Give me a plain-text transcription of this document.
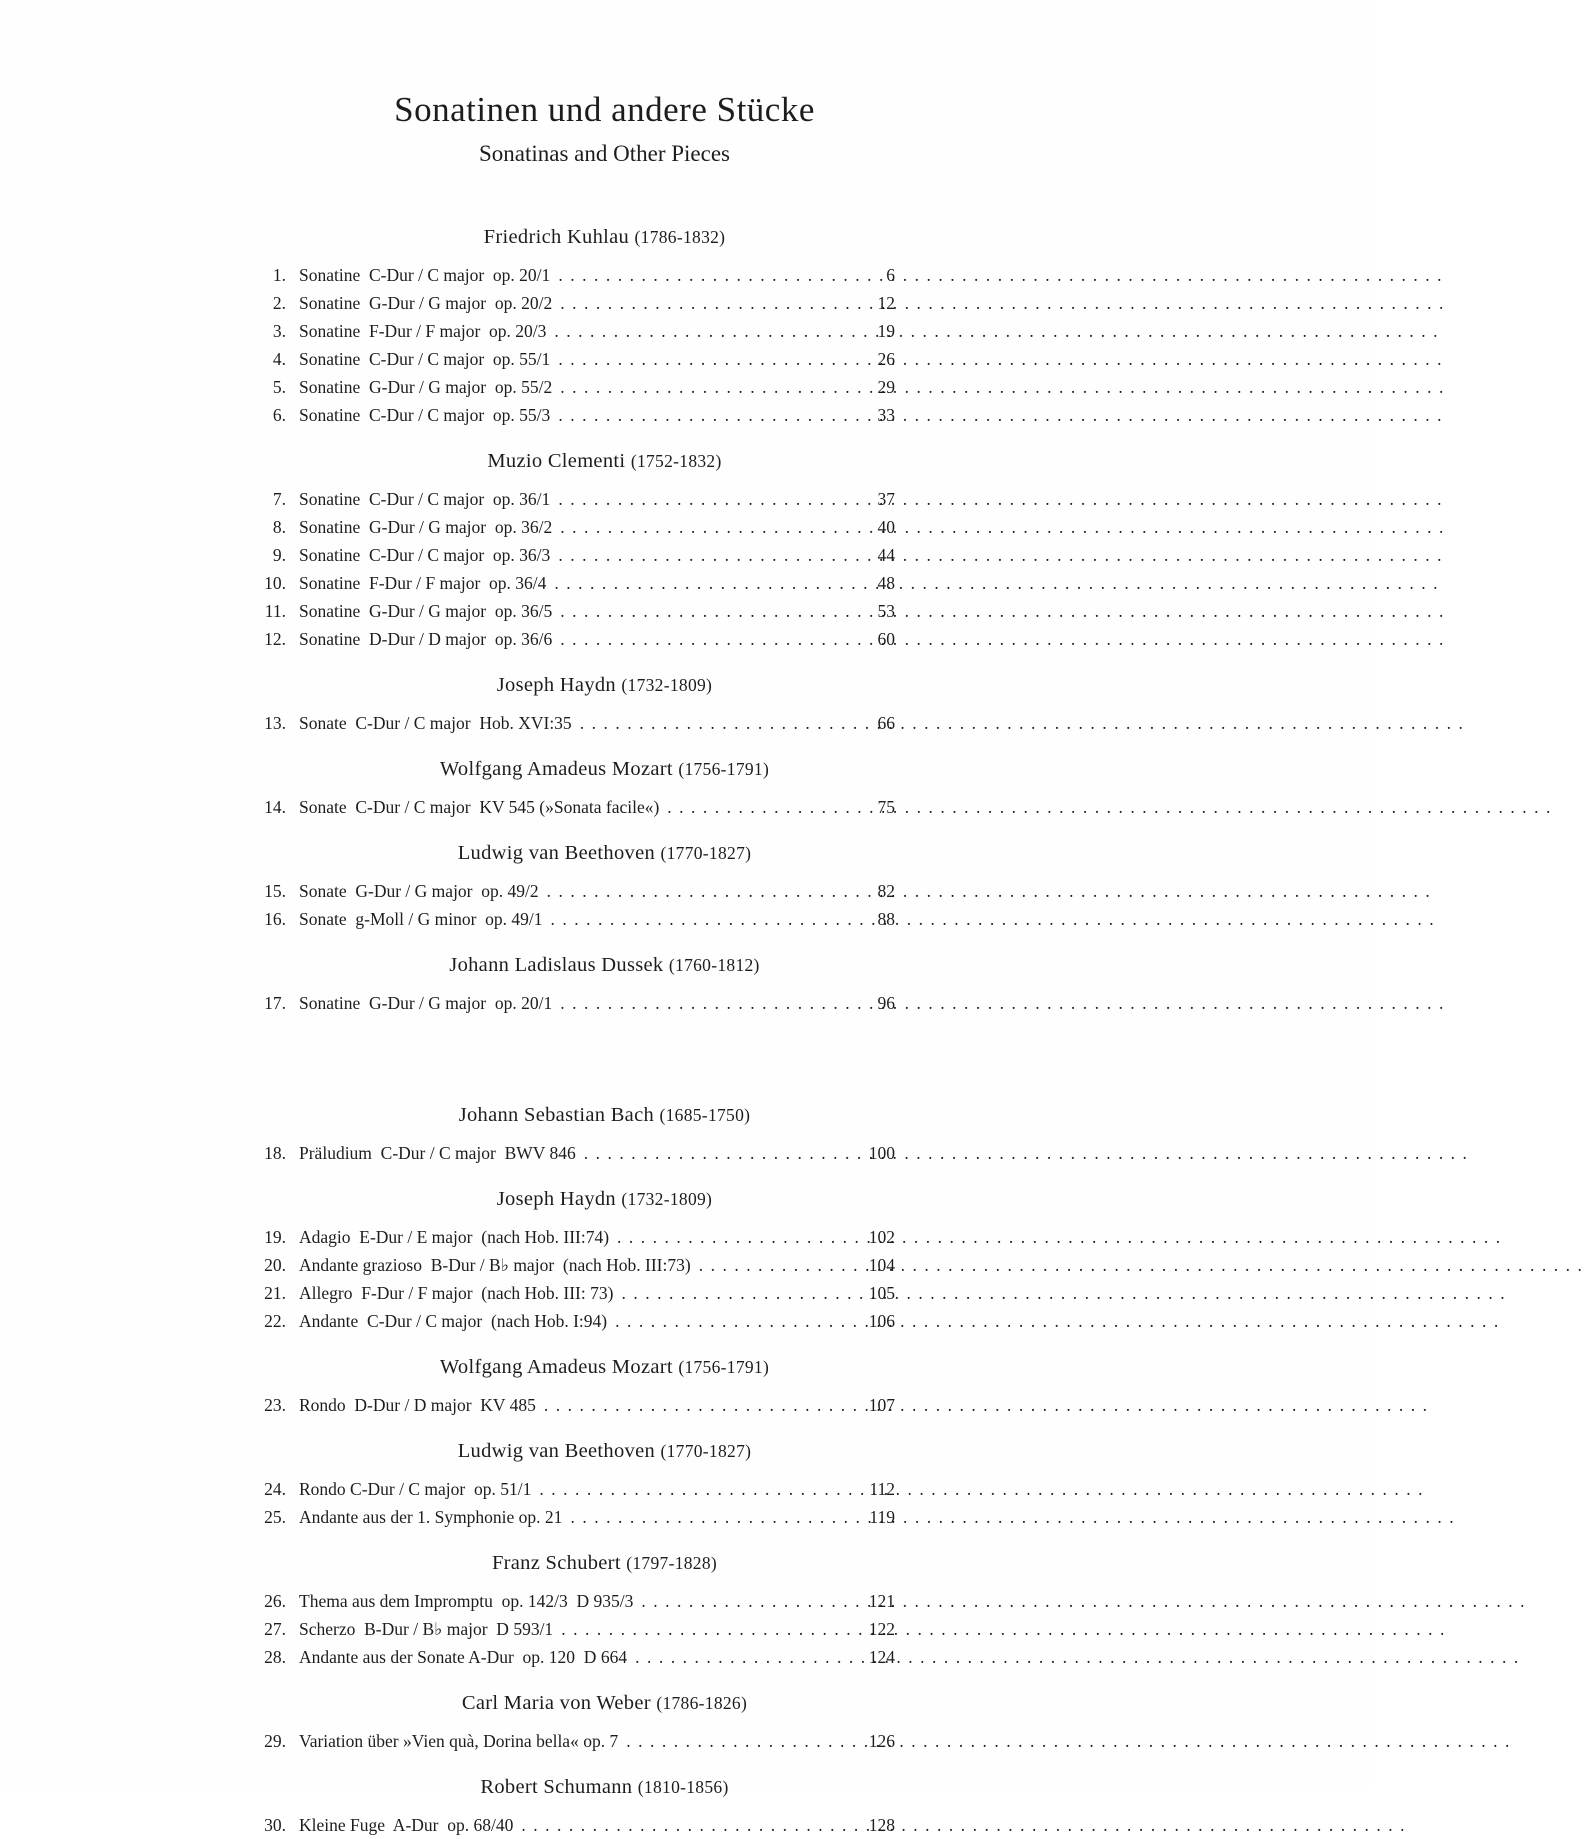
Sonatinen und andere Stücke
Sonatinas and Other Pieces
Friedrich Kuhlau (1786-1832)
1. Sonatine  C-Dur / C major  op. 20/1 .....	6
2. Sonatine  G-Dur / G major  op. 20/2 .....	12
3. Sonatine  F-Dur / F major  op. 20/3 .....	19
4. Sonatine  C-Dur / C major  op. 55/1 .....	26
5. Sonatine  G-Dur / G major  op. 55/2 .....	29
6. Sonatine  C-Dur / C major  op. 55/3 .....	33
Muzio Clementi (1752-1832)
7. Sonatine  C-Dur / C major  op. 36/1 .....	37
8. Sonatine  G-Dur / G major  op. 36/2 .....	40
9. Sonatine  C-Dur / C major  op. 36/3 .....	44
10. Sonatine  F-Dur / F major  op. 36/4 .....	48
11. Sonatine  G-Dur / G major  op. 36/5 .....	53
12. Sonatine  D-Dur / D major  op. 36/6 .....	60
Joseph Haydn (1732-1809)
13. Sonate  C-Dur / C major  Hob. XVI:35 .....	66
Wolfgang Amadeus Mozart (1756-1791)
14. Sonate  C-Dur / C major  KV 545 (»Sonata facile«) .....	75
Ludwig van Beethoven (1770-1827)
15. Sonate  G-Dur / G major  op. 49/2 .....	82
16. Sonate  g-Moll / G minor  op. 49/1 .....	88
Johann Ladislaus Dussek (1760-1812)
17. Sonatine  G-Dur / G major  op. 20/1 .....	96
Johann Sebastian Bach (1685-1750)
18. Präludium  C-Dur / C major  BWV 846 .....	100
Joseph Haydn (1732-1809)
19. Adagio  E-Dur / E major  (nach Hob. III:74) .....	102
20. Andante grazioso  B-Dur / B♭ major  (nach Hob. III:73) .....	104
21. Allegro  F-Dur / F major  (nach Hob. III: 73) .....	105
22. Andante  C-Dur / C major  (nach Hob. I:94) .....	106
Wolfgang Amadeus Mozart (1756-1791)
23. Rondo  D-Dur / D major  KV 485 .....	107
Ludwig van Beethoven (1770-1827)
24. Rondo C-Dur / C major  op. 51/1 .....	112
25. Andante aus der 1. Symphonie op. 21 .....	119
Franz Schubert (1797-1828)
26. Thema aus dem Impromptu  op. 142/3  D 935/3 .....	121
27. Scherzo  B-Dur / B♭ major  D 593/1 .....	122
28. Andante aus der Sonate A-Dur  op. 120  D 664 .....	124
Carl Maria von Weber (1786-1826)
29. Variation über »Vien quà, Dorina bella« op. 7 .....	126
Robert Schumann (1810-1856)
30. Kleine Fuge  A-Dur  op. 68/40 .....	128
